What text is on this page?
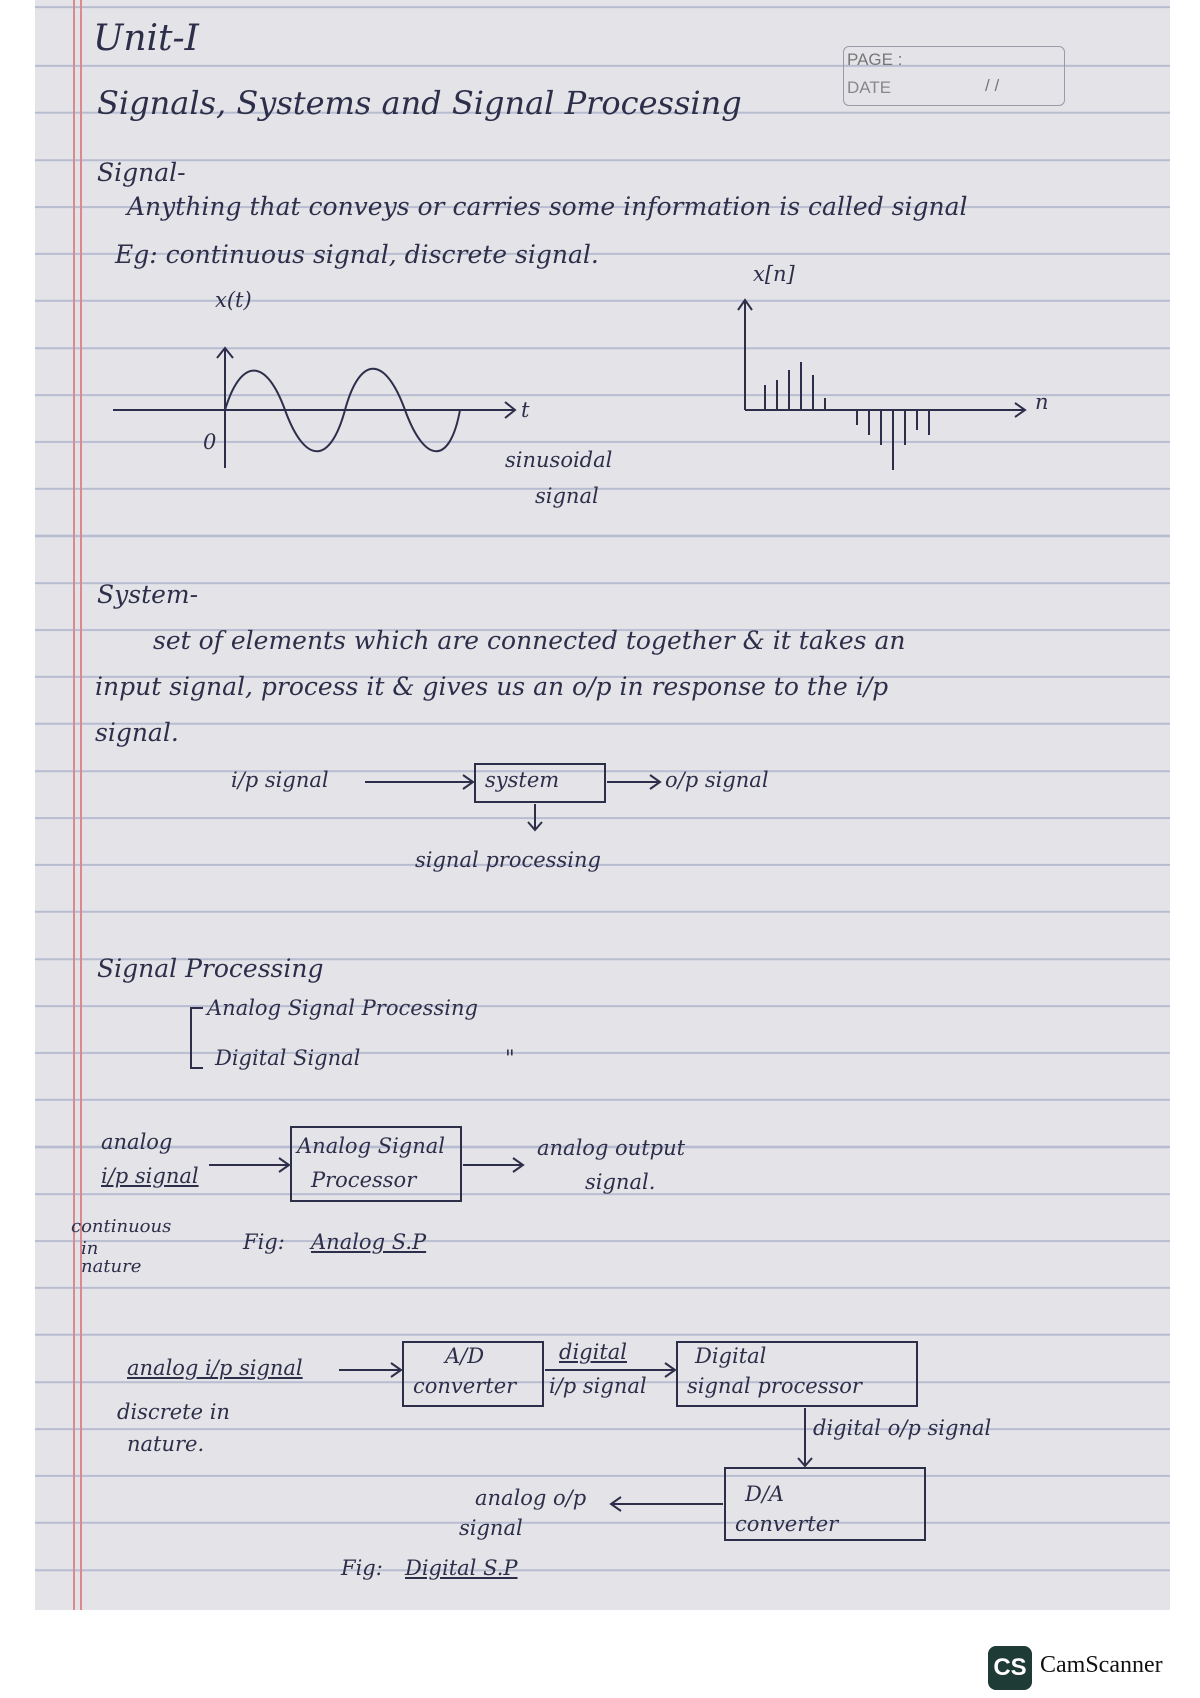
Unit-I
PAGE :
DATE	/ /
Signals, Systems and Signal Processing
Signal-
Anything that conveys or carries some information is called signal
Eg: continuous signal, discrete signal.
x(t)
0
t
sinusoidal
signal
x[n]
n
System-
set of elements which are connected together & it takes an
input signal, process it & gives us an o/p in response to the i/p
signal.
i/p signal	system	o/p signal
signal processing
Signal Processing
Analog Signal Processing
Digital Signal	"
analog
i/p signal
Analog Signal
Processor
analog output
signal.
continuous
in
nature
Fig: Analog S.P
analog i/p signal
discrete in
nature.
A/D
converter
digital
i/p signal
Digital
signal processor
digital o/p signal
D/A
converter
analog o/p
signal
Fig: Digital S.P
CS CamScanner
